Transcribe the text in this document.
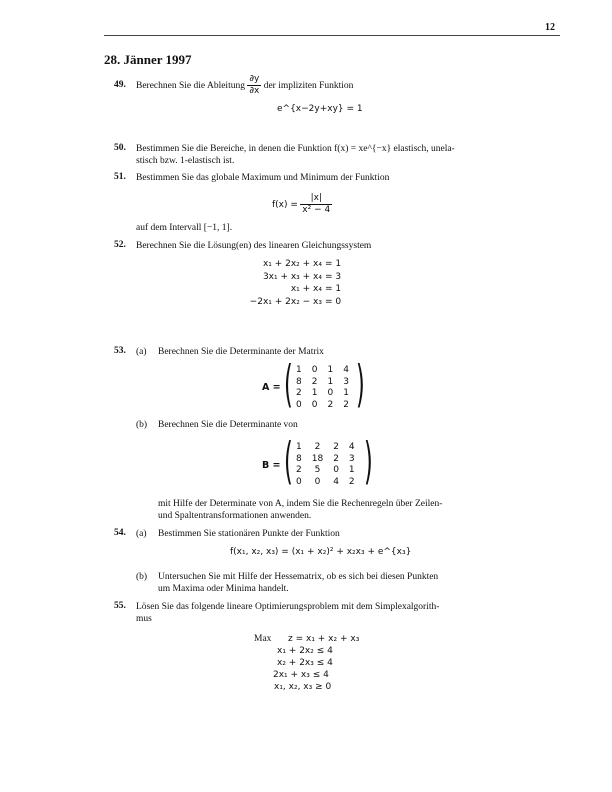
12
28. Jänner 1997
49. Berechnen Sie die Ableitung $\frac{\partial y}{\partial x}$ der impliziten Funktion
e^{x−2y+xy} = 1
50. Bestimmen Sie die Bereiche, in denen die Funktion f(x) = xe^{−x} elastisch, unela-
stisch bzw. 1-elastisch ist.
51. Bestimmen Sie das globale Maximum und Minimum der Funktion
$f(x) = \frac{|x|}{\text{x² − 4}}$
auf dem Intervall [−1, 1].
52. Berechnen Sie die Lösung(en) des linearen Gleichungssystem
x₁ + 2x₂ + x₄
3x₁ + x₃ + x₄
x₁ + x₄
−2x₁ + 2x₂ − x₃
= 1
= 3
= 1
= 0
53. (a) Berechnen Sie die Determinante der Matrix
A = ( 1	0	1	4
8	2	1	3
2	1	0	1
0	0	2	2 )
(b) Berechnen Sie die Determinante von
B = ( 1	2	2	4
8	18	2	3
2	5	0	1
0	0	4	2 )
mit Hilfe der Determinate von A, indem Sie die Rechenregeln über Zeilen-
und Spaltentransformationen anwenden.
54. (a) Bestimmen Sie stationären Punkte der Funktion
f(x₁, x₂, x₃) = (x₁ + x₂)² + x₂x₃ + e^{x₃}
(b) Untersuchen Sie mit Hilfe der Hessematrix, ob es sich bei diesen Punkten
um Maxima oder Minima handelt.
55. Lösen Sie das folgende lineare Optimierungsproblem mit dem Simplexalgorith-
mus
Max z = x₁ + x₂ + x₃
x₁ + 2x₂ ≤ 4
x₂ + 2x₃ ≤ 4
2x₁ + x₃ ≤ 4
x₁, x₂, x₃ ≥ 0
